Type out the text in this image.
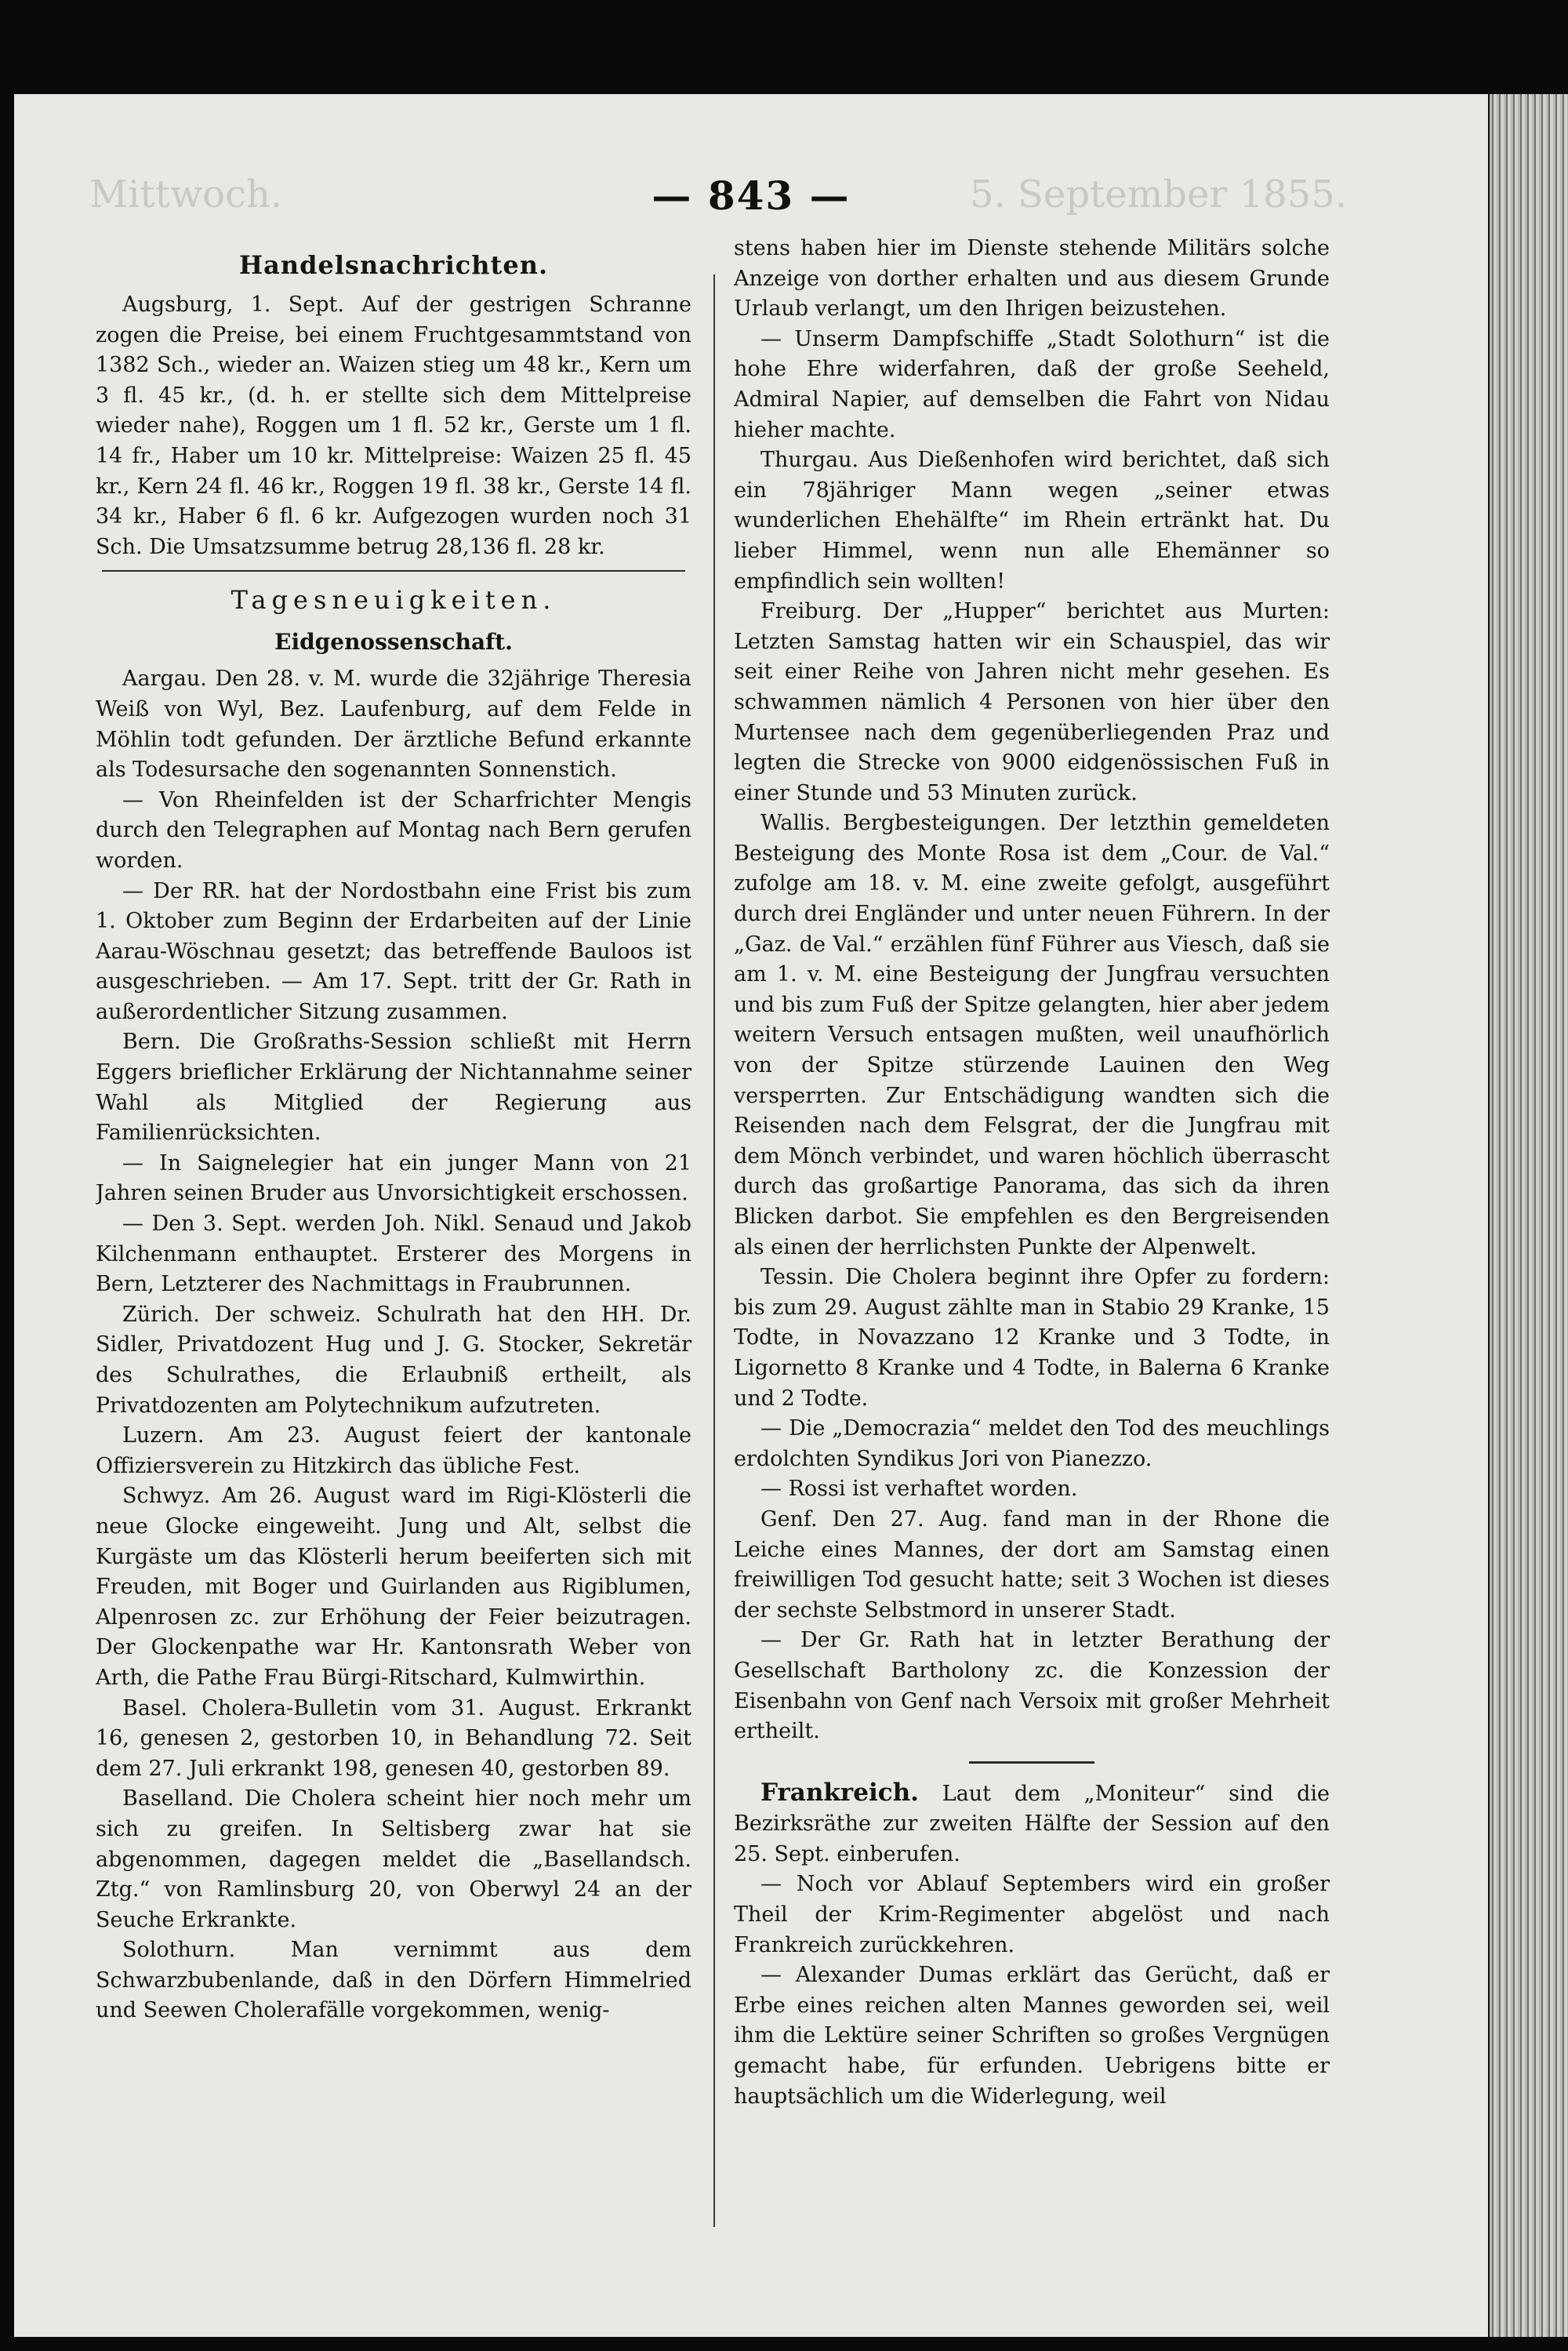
Mittwoch.	5. September 1855.
— 843 —
Handelsnachrichten.

Augsburg, 1. Sept. Auf der gestrigen Schranne zogen die Preise, bei einem Fruchtgesammtstand von 1382 Sch., wieder an. Waizen stieg um 48 kr., Kern um 3 fl. 45 kr., (d. h. er stellte sich dem Mittelpreise wieder nahe), Roggen um 1 fl. 52 kr., Gerste um 1 fl. 14 fr., Haber um 10 kr. Mittelpreise: Waizen 25 fl. 45 kr., Kern 24 fl. 46 kr., Roggen 19 fl. 38 kr., Gerste 14 fl. 34 kr., Haber 6 fl. 6 kr. Aufgezogen wurden noch 31 Sch. Die Umsatzsumme betrug 28,136 fl. 28 kr.

Tagesneuigkeiten.
Eidgenossenschaft.

Aargau. Den 28. v. M. wurde die 32jährige Theresia Weiß von Wyl, Bez. Laufenburg, auf dem Felde in Möhlin todt gefunden. Der ärztliche Befund erkannte als Todesursache den sogenannten Sonnenstich.

— Von Rheinfelden ist der Scharfrichter Mengis durch den Telegraphen auf Montag nach Bern gerufen worden.

— Der RR. hat der Nordostbahn eine Frist bis zum 1. Oktober zum Beginn der Erdarbeiten auf der Linie Aarau-Wöschnau gesetzt; das betreffende Bauloos ist ausgeschrieben. — Am 17. Sept. tritt der Gr. Rath in außerordentlicher Sitzung zusammen.

Bern. Die Großraths-Session schließt mit Herrn Eggers brieflicher Erklärung der Nichtannahme seiner Wahl als Mitglied der Regierung aus Familienrücksichten.

— In Saignelegier hat ein junger Mann von 21 Jahren seinen Bruder aus Unvorsichtigkeit erschossen.

— Den 3. Sept. werden Joh. Nikl. Senaud und Jakob Kilchenmann enthauptet. Ersterer des Morgens in Bern, Letzterer des Nachmittags in Fraubrunnen.

Zürich. Der schweiz. Schulrath hat den HH. Dr. Sidler, Privatdozent Hug und J. G. Stocker, Sekretär des Schulrathes, die Erlaubniß ertheilt, als Privatdozenten am Polytechnikum aufzutreten.

Luzern. Am 23. August feiert der kantonale Offiziersverein zu Hitzkirch das übliche Fest.

Schwyz. Am 26. August ward im Rigi-Klösterli die neue Glocke eingeweiht. Jung und Alt, selbst die Kurgäste um das Klösterli herum beeiferten sich mit Freuden, mit Boger und Guirlanden aus Rigiblumen, Alpenrosen zc. zur Erhöhung der Feier beizutragen. Der Glockenpathe war Hr. Kantonsrath Weber von Arth, die Pathe Frau Bürgi-Ritschard, Kulmwirthin.

Basel. Cholera-Bulletin vom 31. August. Erkrankt 16, genesen 2, gestorben 10, in Behandlung 72. Seit dem 27. Juli erkrankt 198, genesen 40, gestorben 89.

Baselland. Die Cholera scheint hier noch mehr um sich zu greifen. In Seltisberg zwar hat sie abgenommen, dagegen meldet die „Basellandsch. Ztg.“ von Ramlinsburg 20, von Oberwyl 24 an der Seuche Erkrankte.

Solothurn. Man vernimmt aus dem Schwarzbubenlande, daß in den Dörfern Himmelried und Seewen Cholerafälle vorgekommen, wenig-

stens haben hier im Dienste stehende Militärs solche Anzeige von dorther erhalten und aus diesem Grunde Urlaub verlangt, um den Ihrigen beizustehen.

— Unserm Dampfschiffe „Stadt Solothurn“ ist die hohe Ehre widerfahren, daß der große Seeheld, Admiral Napier, auf demselben die Fahrt von Nidau hieher machte.

Thurgau. Aus Dießenhofen wird berichtet, daß sich ein 78jähriger Mann wegen „seiner etwas wunderlichen Ehehälfte“ im Rhein ertränkt hat. Du lieber Himmel, wenn nun alle Ehemänner so empfindlich sein wollten!

Freiburg. Der „Hupper“ berichtet aus Murten: Letzten Samstag hatten wir ein Schauspiel, das wir seit einer Reihe von Jahren nicht mehr gesehen. Es schwammen nämlich 4 Personen von hier über den Murtensee nach dem gegenüberliegenden Praz und legten die Strecke von 9000 eidgenössischen Fuß in einer Stunde und 53 Minuten zurück.

Wallis. Bergbesteigungen. Der letzthin gemeldeten Besteigung des Monte Rosa ist dem „Cour. de Val.“ zufolge am 18. v. M. eine zweite gefolgt, ausgeführt durch drei Engländer und unter neuen Führern. In der „Gaz. de Val.“ erzählen fünf Führer aus Viesch, daß sie am 1. v. M. eine Besteigung der Jungfrau versuchten und bis zum Fuß der Spitze gelangten, hier aber jedem weitern Versuch entsagen mußten, weil unaufhörlich von der Spitze stürzende Lauinen den Weg versperrten. Zur Entschädigung wandten sich die Reisenden nach dem Felsgrat, der die Jungfrau mit dem Mönch verbindet, und waren höchlich überrascht durch das großartige Panorama, das sich da ihren Blicken darbot. Sie empfehlen es den Bergreisenden als einen der herrlichsten Punkte der Alpenwelt.

Tessin. Die Cholera beginnt ihre Opfer zu fordern: bis zum 29. August zählte man in Stabio 29 Kranke, 15 Todte, in Novazzano 12 Kranke und 3 Todte, in Ligornetto 8 Kranke und 4 Todte, in Balerna 6 Kranke und 2 Todte.

— Die „Democrazia“ meldet den Tod des meuchlings erdolchten Syndikus Jori von Pianezzo.

— Rossi ist verhaftet worden.

Genf. Den 27. Aug. fand man in der Rhone die Leiche eines Mannes, der dort am Samstag einen freiwilligen Tod gesucht hatte; seit 3 Wochen ist dieses der sechste Selbstmord in unserer Stadt.

— Der Gr. Rath hat in letzter Berathung der Gesellschaft Bartholony zc. die Konzession der Eisenbahn von Genf nach Versoix mit großer Mehrheit ertheilt.

Frankreich. Laut dem „Moniteur“ sind die Bezirksräthe zur zweiten Hälfte der Session auf den 25. Sept. einberufen.

— Noch vor Ablauf Septembers wird ein großer Theil der Krim-Regimenter abgelöst und nach Frankreich zurückkehren.

— Alexander Dumas erklärt das Gerücht, daß er Erbe eines reichen alten Mannes geworden sei, weil ihm die Lektüre seiner Schriften so großes Vergnügen gemacht habe, für erfunden. Uebrigens bitte er hauptsächlich um die Widerlegung, weil
